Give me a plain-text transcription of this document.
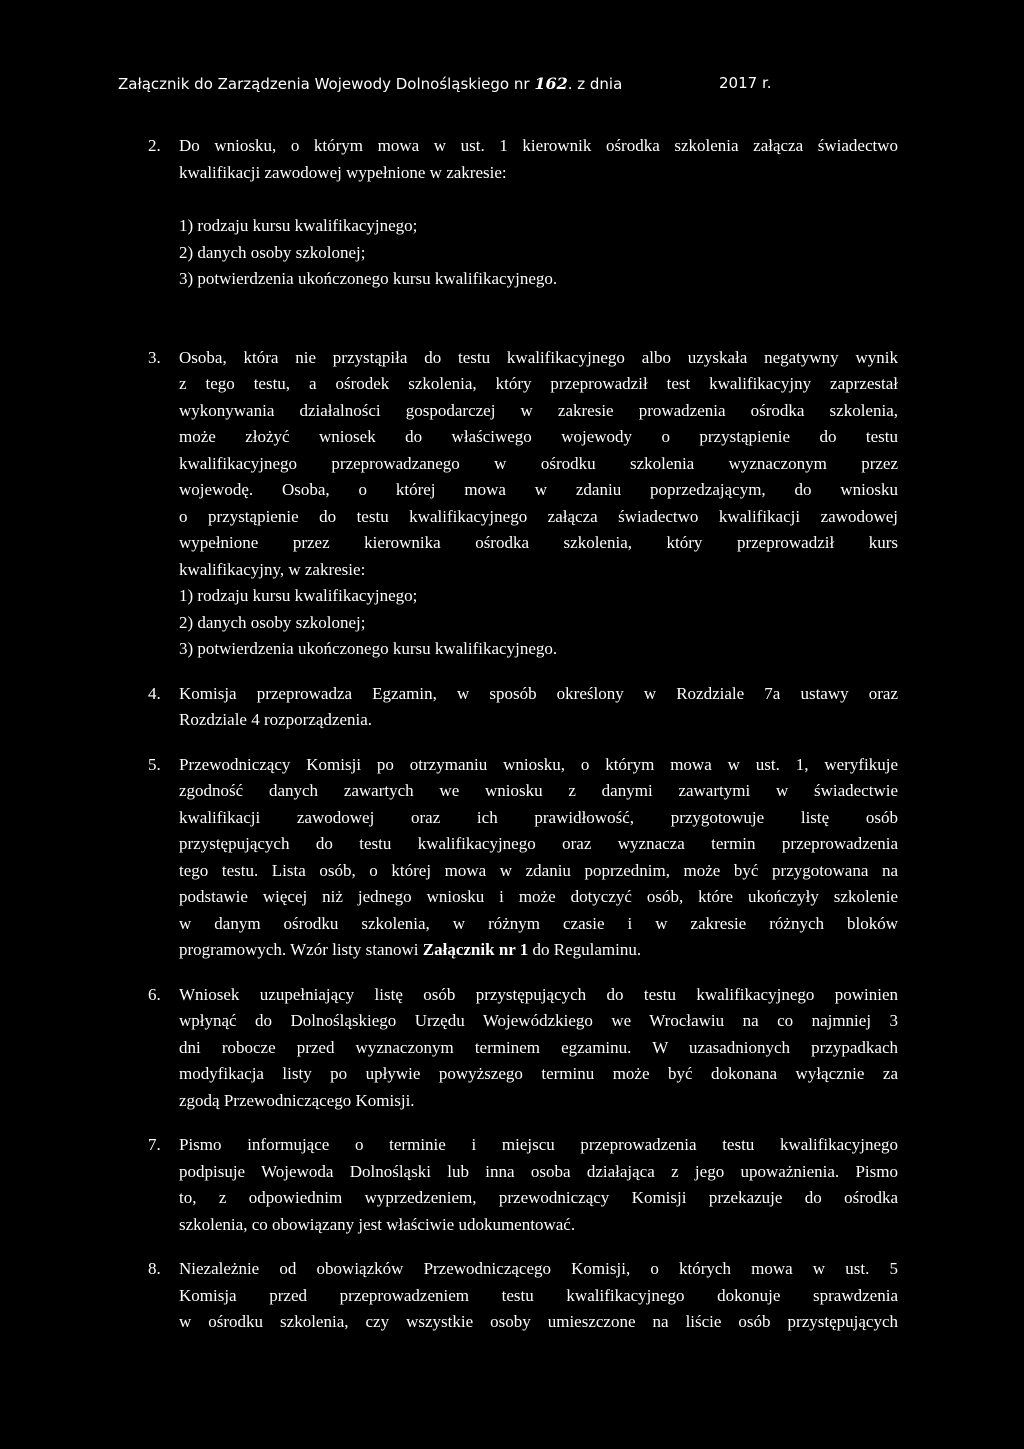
Załącznik do Zarządzenia Wojewody Dolnośląskiego nr 162. z dnia	2017 r.
2. Do wniosku, o którym mowa w ust. 1 kierownik ośrodka szkolenia załącza świadectwo
kwalifikacji zawodowej wypełnione w zakresie:
1) rodzaju kursu kwalifikacyjnego;
2) danych osoby szkolonej;
3) potwierdzenia ukończonego kursu kwalifikacyjnego.
3. Osoba, która nie przystąpiła do testu kwalifikacyjnego albo uzyskała negatywny wynik
z tego testu, a ośrodek szkolenia, który przeprowadził test kwalifikacyjny zaprzestał
wykonywania działalności gospodarczej w zakresie prowadzenia ośrodka szkolenia,
może złożyć wniosek do właściwego wojewody o przystąpienie do testu
kwalifikacyjnego przeprowadzanego w ośrodku szkolenia wyznaczonym przez
wojewodę. Osoba, o której mowa w zdaniu poprzedzającym, do wniosku
o przystąpienie do testu kwalifikacyjnego załącza świadectwo kwalifikacji zawodowej
wypełnione przez kierownika ośrodka szkolenia, który przeprowadził kurs
kwalifikacyjny, w zakresie:
1) rodzaju kursu kwalifikacyjnego;
2) danych osoby szkolonej;
3) potwierdzenia ukończonego kursu kwalifikacyjnego.
4. Komisja przeprowadza Egzamin, w sposób określony w Rozdziale 7a ustawy oraz
Rozdziale 4 rozporządzenia.
5. Przewodniczący Komisji po otrzymaniu wniosku, o którym mowa w ust. 1, weryfikuje
zgodność danych zawartych we wniosku z danymi zawartymi w świadectwie
kwalifikacji zawodowej oraz ich prawidłowość, przygotowuje listę osób
przystępujących do testu kwalifikacyjnego oraz wyznacza termin przeprowadzenia
tego testu. Lista osób, o której mowa w zdaniu poprzednim, może być przygotowana na
podstawie więcej niż jednego wniosku i może dotyczyć osób, które ukończyły szkolenie
w danym ośrodku szkolenia, w różnym czasie i w zakresie różnych bloków
programowych. Wzór listy stanowi Załącznik nr 1 do Regulaminu.
6. Wniosek uzupełniający listę osób przystępujących do testu kwalifikacyjnego powinien
wpłynąć do Dolnośląskiego Urzędu Wojewódzkiego we Wrocławiu na co najmniej 3
dni robocze przed wyznaczonym terminem egzaminu. W uzasadnionych przypadkach
modyfikacja listy po upływie powyższego terminu może być dokonana wyłącznie za
zgodą Przewodniczącego Komisji.
7. Pismo informujące o terminie i miejscu przeprowadzenia testu kwalifikacyjnego
podpisuje Wojewoda Dolnośląski lub inna osoba działająca z jego upoważnienia. Pismo
to, z odpowiednim wyprzedzeniem, przewodniczący Komisji przekazuje do ośrodka
szkolenia, co obowiązany jest właściwie udokumentować.
8. Niezależnie od obowiązków Przewodniczącego Komisji, o których mowa w ust. 5
Komisja przed przeprowadzeniem testu kwalifikacyjnego dokonuje sprawdzenia
w ośrodku szkolenia, czy wszystkie osoby umieszczone na liście osób przystępujących
